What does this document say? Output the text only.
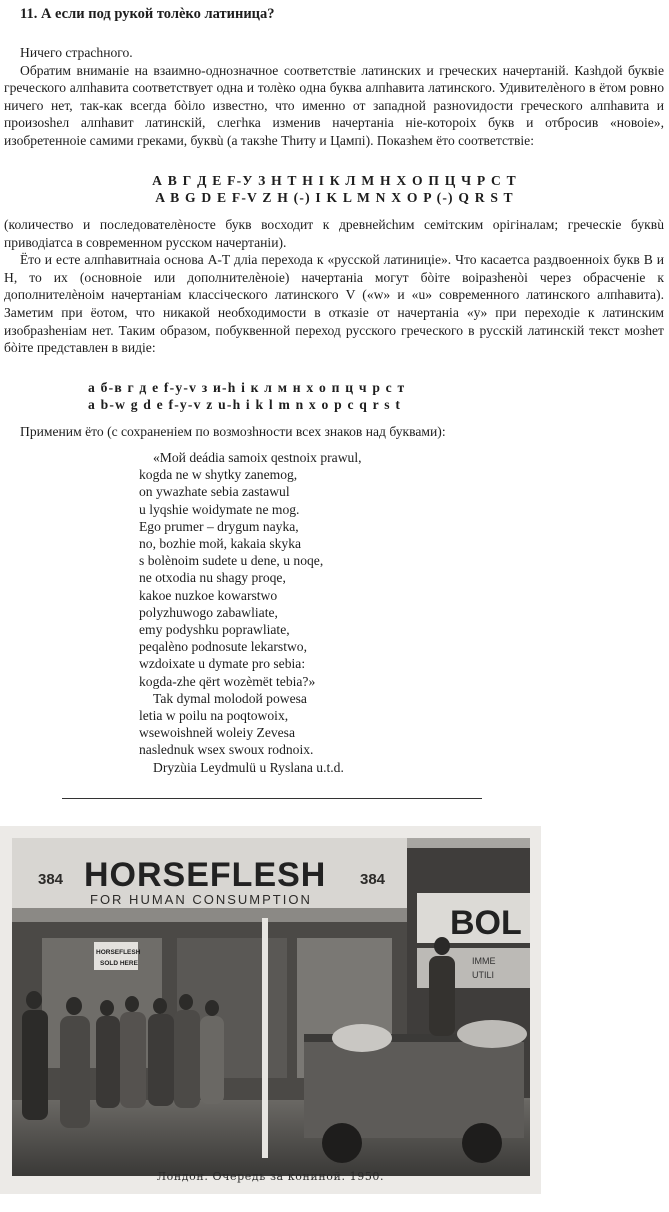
11. А если под рукой толèко латиница?
Ничего страсhного.
Обратим вниманiе на взаимно-однозначное соответствiе латинских и греческих начертанiй. Казhдой буквiе греческого алпhавита соответствует одна и толèко одна буква алпhавита латинского. Удивителèного в ётом ровно ничего нет, так-как всегда бòiло известно, что именно от западной разноvидости греческого алпhавита и произоshел алпhавит латинскiй, слегhка изменив начертанiа нiе-котороix букв и отбросив «новоiе», изобретенноiе самими греками, буквù (а такзhе Тhиту и Цампi). Показhем ёто соответствiе:
А В Г Д Е F-У З Н Т Н І К Л М Н Х О П Ц Ч Р С Т
A B G D E F-V Z H (-) I K L M N X O P (-) Q R S T
(количество и последователèносте букв восходит к древнейсhим семiтским орiгiналам; греческiе буквù приводiатса в современном русском начертанiи).
Ёто и есте алпhавитнаiа основа A-T длiа перехода к «русской латиницiе». Что касаетса раздвоенноix букв В и Н, то их (основноiе или дополнителèноiе) начертанiа могут бòiте воiразhенòi через обрасченiе к дополнителèноiм начертанiам классiческого латинского V («w» и «u» современного латинского алпhавита). Заметим при ёотом, что никакой необходимости в отказiе от начертанiа «y» при переходiе к латинским изобразhенiам нет. Таким образом, побуквенной переход русского греческого в русскiй латинскiй текст мозhет бòiте представлен в видiе:
а б-в г д е f-у-v з и-h і к л м н х о п ц ч р с т
a b-w g d e f-y-v z u-h i k l m n x o p c q r s t
Применим ёто (с сохраненiем по возмозhности всех знаков над буквами):
«Moй deádia samoix qestnoix prawul,
kogda ne w shytky zanemog,
on ywazhate sebia zastawul
u lyqshie woidymate ne mog.
Ego prumer – drygum nayka,
no, bozhie moй, kakaia skyka
s bolènoim sudete u dene, u noqe,
ne otxodia nu shagy proqe,
kakoe nuzkoe kowarstwo
polyzhuwogo zabawliate,
emy podyshku poprawliate,
peqalèno podnosute lekarstwo,
wzdoixate u dymate pro sebia:
kogda-zhe qërt wozèmët tebia?»
Tak dymal molodoй powesa
letia w poilu na poqtowoix,
wsewoishneй woleiy Zevesa
naslednuk wsex swoux rodnoix.
Dryzùia Leydmulü u Ryslana u.t.d.
384 HORSEFLESH 384
FOR HUMAN CONSUMPTION
HORSEFLESH
SOLD HERE
BOL
IMME
UTILI
Лондон. Очередь за кониной. 1950.
